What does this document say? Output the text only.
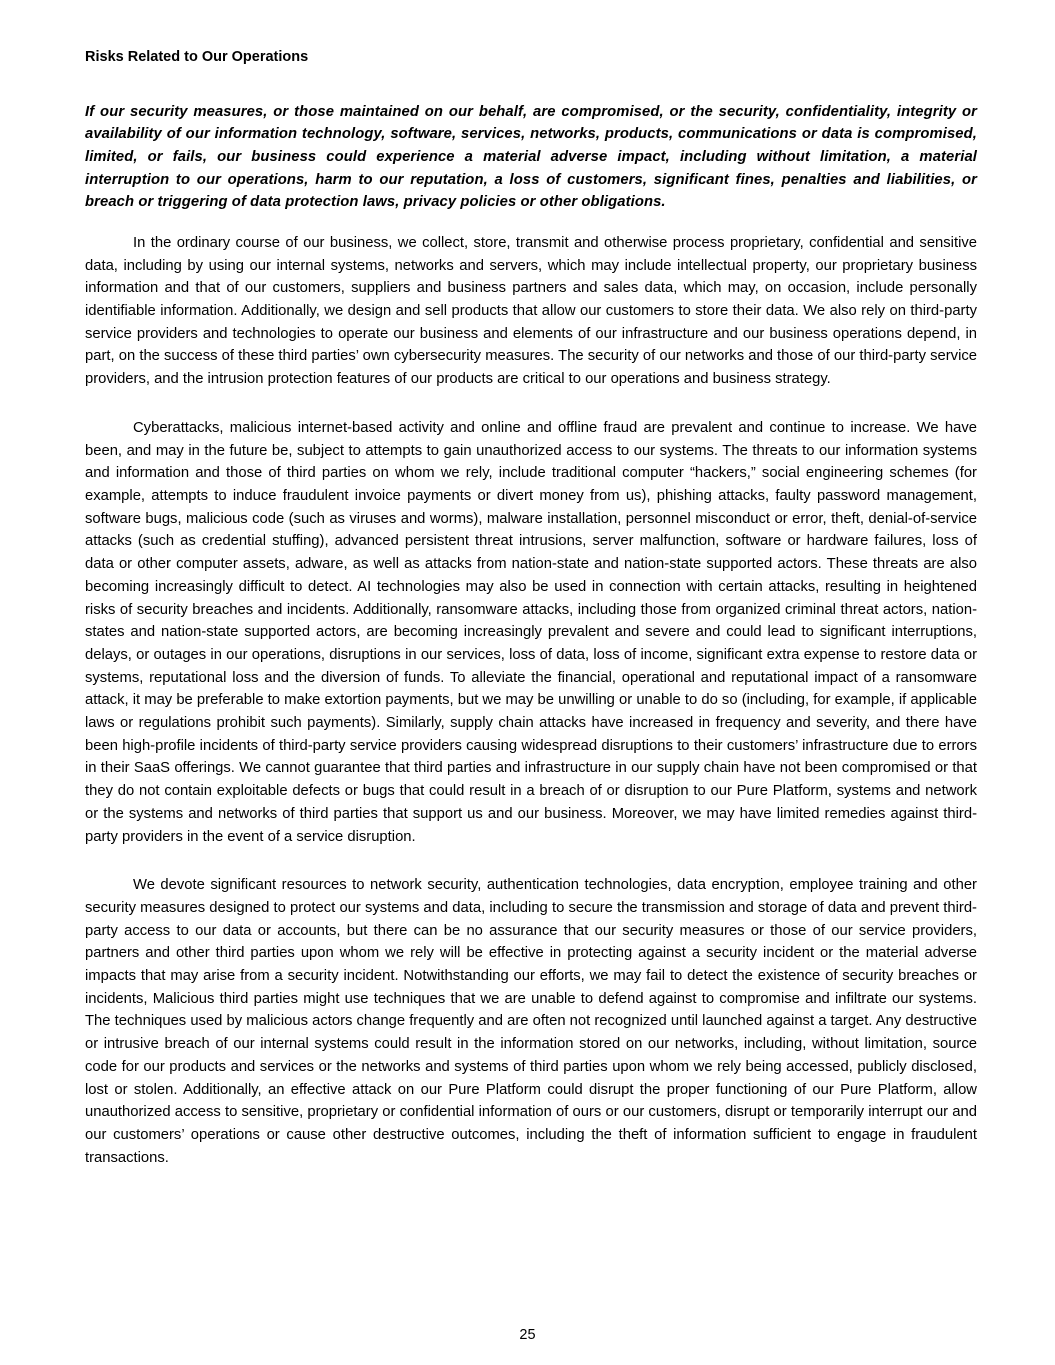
Risks Related to Our Operations

If our security measures, or those maintained on our behalf, are compromised, or the security, confidentiality, integrity or availability of our information technology, software, services, networks, products, communications or data is compromised, limited, or fails, our business could experience a material adverse impact, including without limitation, a material interruption to our operations, harm to our reputation, a loss of customers, significant fines, penalties and liabilities, or breach or triggering of data protection laws, privacy policies or other obligations.

In the ordinary course of our business, we collect, store, transmit and otherwise process proprietary, confidential and sensitive data, including by using our internal systems, networks and servers, which may include intellectual property, our proprietary business information and that of our customers, suppliers and business partners and sales data, which may, on occasion, include personally identifiable information. Additionally, we design and sell products that allow our customers to store their data. We also rely on third-party service providers and technologies to operate our business and elements of our infrastructure and our business operations depend, in part, on the success of these third parties’ own cybersecurity measures. The security of our networks and those of our third-party service providers, and the intrusion protection features of our products are critical to our operations and business strategy.

Cyberattacks, malicious internet-based activity and online and offline fraud are prevalent and continue to increase. We have been, and may in the future be, subject to attempts to gain unauthorized access to our systems. The threats to our information systems and information and those of third parties on whom we rely, include traditional computer “hackers,” social engineering schemes (for example, attempts to induce fraudulent invoice payments or divert money from us), phishing attacks, faulty password management, software bugs, malicious code (such as viruses and worms), malware installation, personnel misconduct or error, theft, denial-of-service attacks (such as credential stuffing), advanced persistent threat intrusions, server malfunction, software or hardware failures, loss of data or other computer assets, adware, as well as attacks from nation-state and nation-state supported actors. These threats are also becoming increasingly difficult to detect. AI technologies may also be used in connection with certain attacks, resulting in heightened risks of security breaches and incidents. Additionally, ransomware attacks, including those from organized criminal threat actors, nation-states and nation-state supported actors, are becoming increasingly prevalent and severe and could lead to significant interruptions, delays, or outages in our operations, disruptions in our services, loss of data, loss of income, significant extra expense to restore data or systems, reputational loss and the diversion of funds. To alleviate the financial, operational and reputational impact of a ransomware attack, it may be preferable to make extortion payments, but we may be unwilling or unable to do so (including, for example, if applicable laws or regulations prohibit such payments). Similarly, supply chain attacks have increased in frequency and severity, and there have been high-profile incidents of third-party service providers causing widespread disruptions to their customers’ infrastructure due to errors in their SaaS offerings. We cannot guarantee that third parties and infrastructure in our supply chain have not been compromised or that they do not contain exploitable defects or bugs that could result in a breach of or disruption to our Pure Platform, systems and network or the systems and networks of third parties that support us and our business. Moreover, we may have limited remedies against third-party providers in the event of a service disruption.

We devote significant resources to network security, authentication technologies, data encryption, employee training and other security measures designed to protect our systems and data, including to secure the transmission and storage of data and prevent third-party access to our data or accounts, but there can be no assurance that our security measures or those of our service providers, partners and other third parties upon whom we rely will be effective in protecting against a security incident or the material adverse impacts that may arise from a security incident. Notwithstanding our efforts, we may fail to detect the existence of security breaches or incidents, Malicious third parties might use techniques that we are unable to defend against to compromise and infiltrate our systems. The techniques used by malicious actors change frequently and are often not recognized until launched against a target. Any destructive or intrusive breach of our internal systems could result in the information stored on our networks, including, without limitation, source code for our products and services or the networks and systems of third parties upon whom we rely being accessed, publicly disclosed, lost or stolen. Additionally, an effective attack on our Pure Platform could disrupt the proper functioning of our Pure Platform, allow unauthorized access to sensitive, proprietary or confidential information of ours or our customers, disrupt or temporarily interrupt our and our customers’ operations or cause other destructive outcomes, including the theft of information sufficient to engage in fraudulent transactions.

25
